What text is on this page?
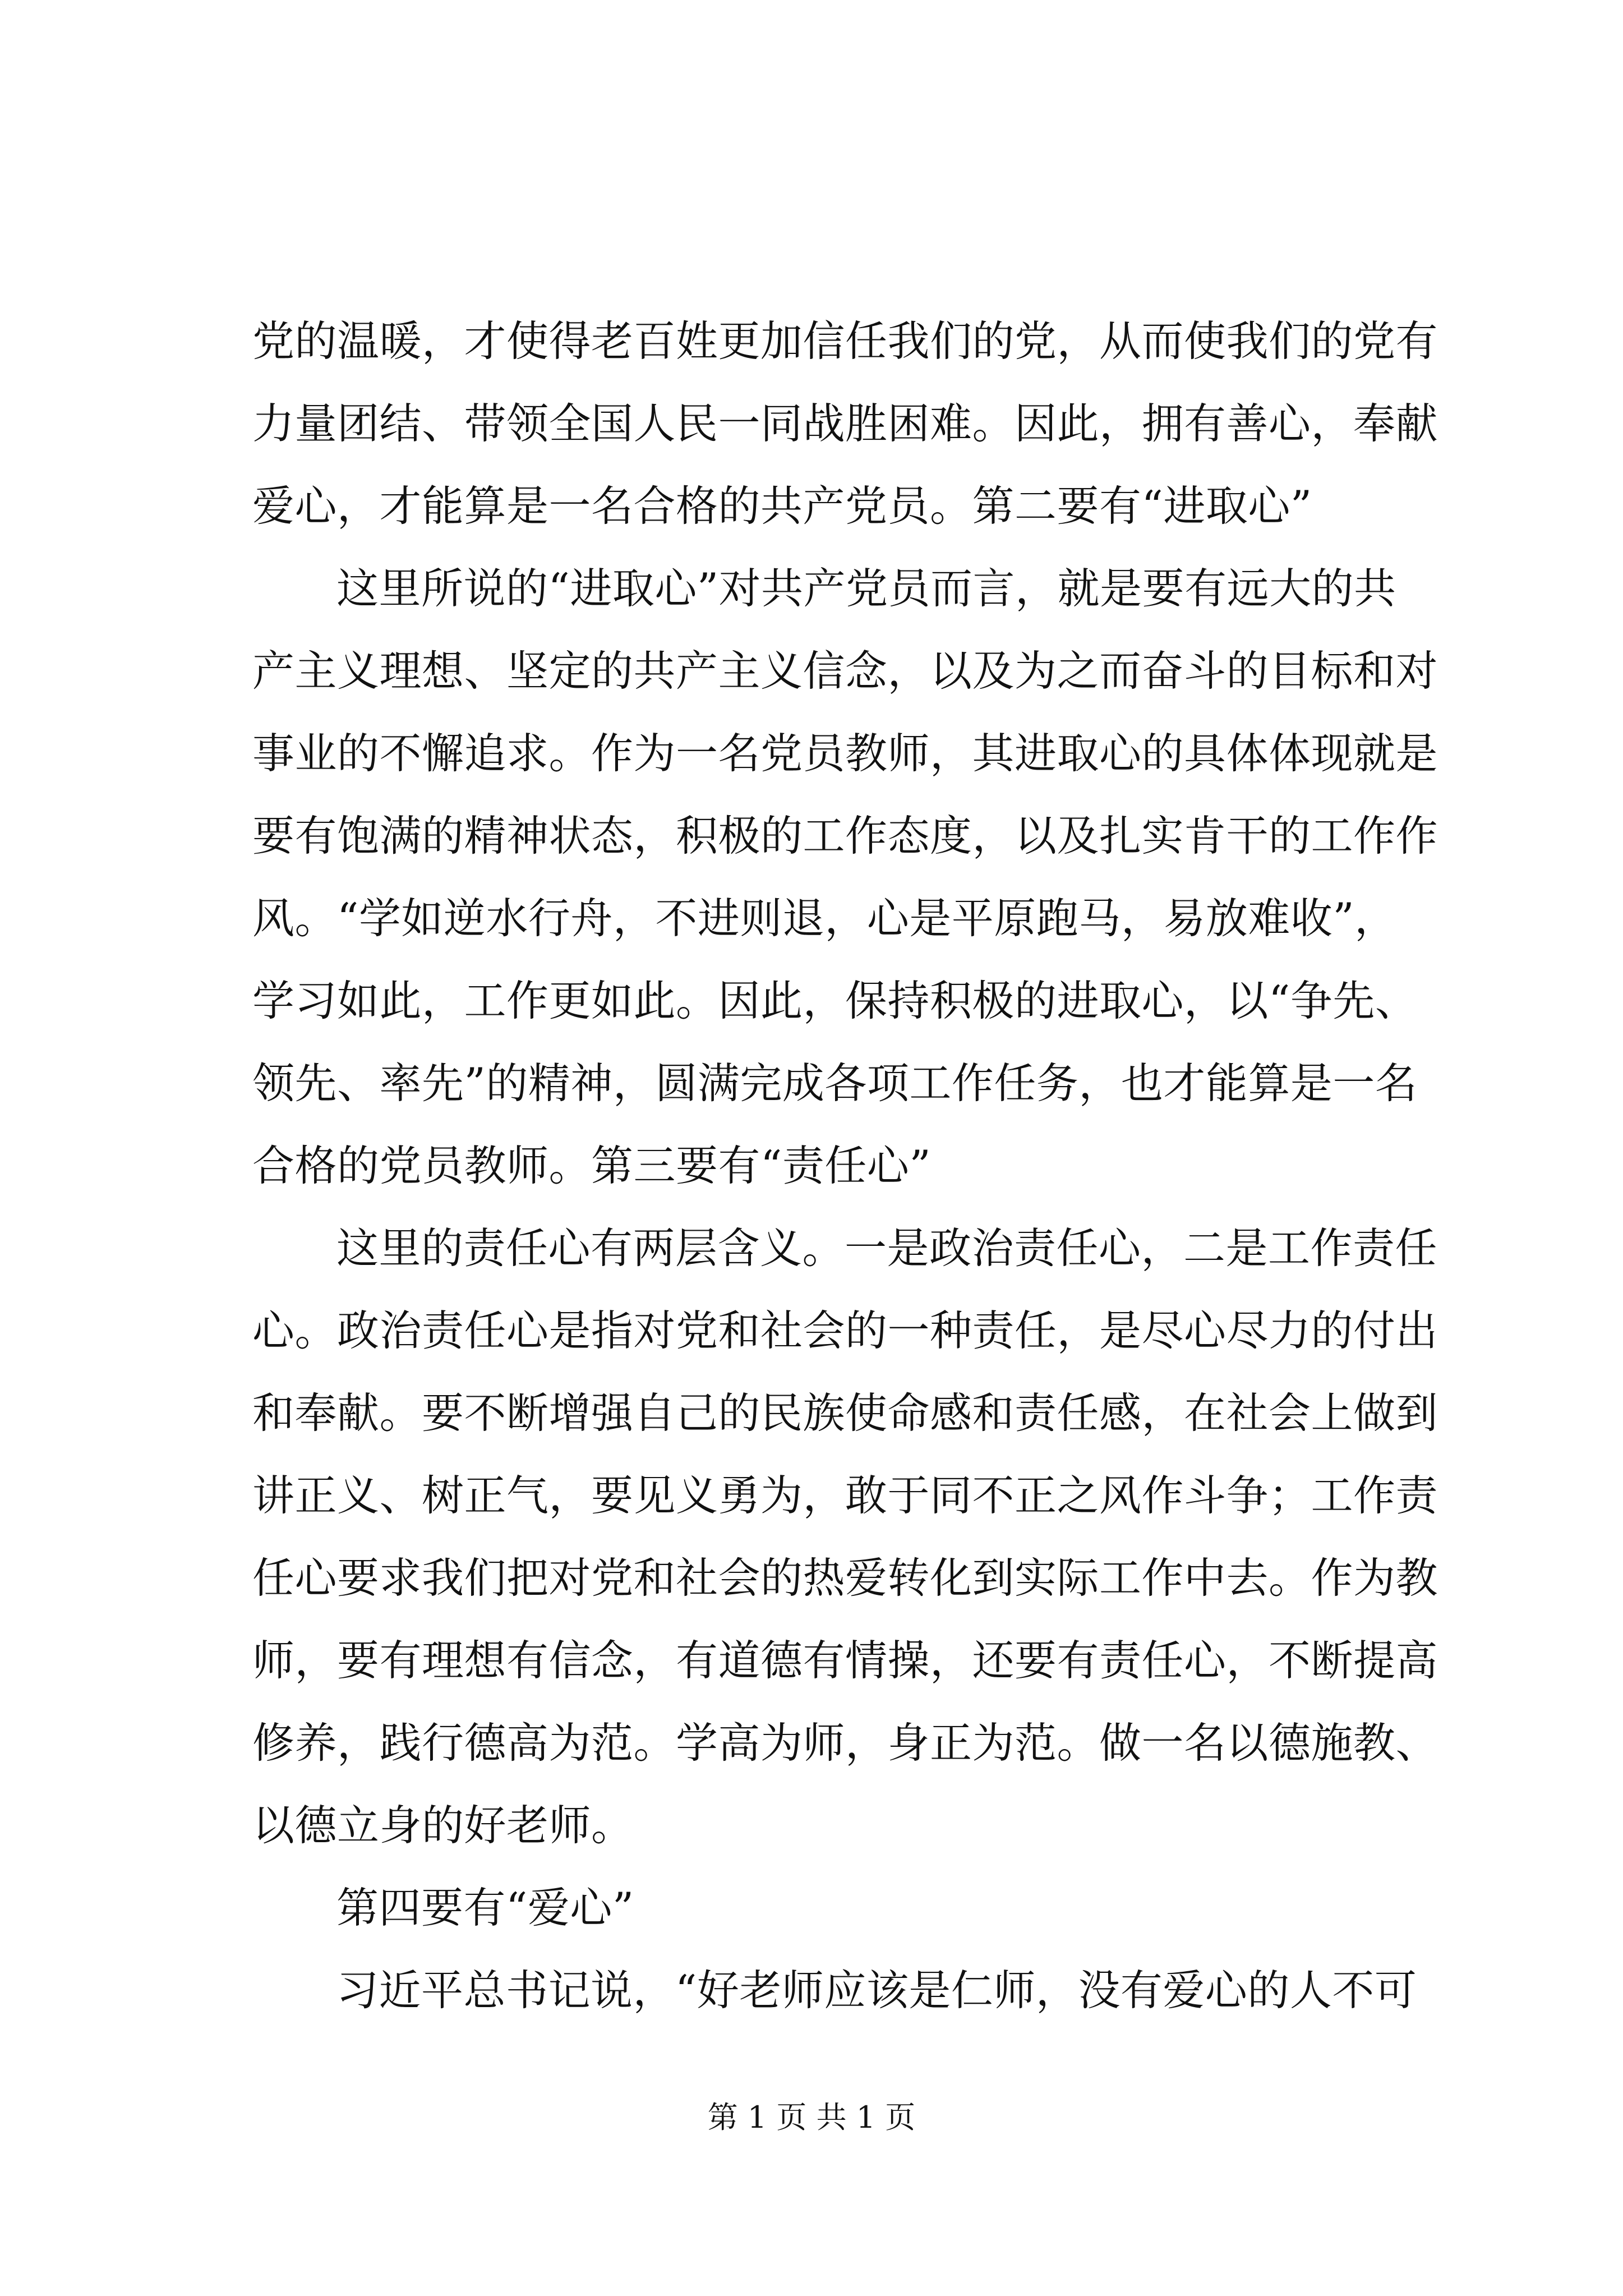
党的温暖，才使得老百姓更加信任我们的党，从而使我们的党有
力量团结、带领全国人民一同战胜困难。因此，拥有善心，奉献
爱心，才能算是一名合格的共产党员。第二要有“进取心”
这里所说的“进取心”对共产党员而言，就是要有远大的共
产主义理想、坚定的共产主义信念，以及为之而奋斗的目标和对
事业的不懈追求。作为一名党员教师，其进取心的具体体现就是
要有饱满的精神状态，积极的工作态度，以及扎实肯干的工作作
风。“学如逆水行舟，不进则退，心是平原跑马，易放难收”，
学习如此，工作更如此。因此，保持积极的进取心，以“争先、
领先、率先”的精神，圆满完成各项工作任务，也才能算是一名
合格的党员教师。第三要有“责任心”
这里的责任心有两层含义。一是政治责任心，二是工作责任
心。政治责任心是指对党和社会的一种责任，是尽心尽力的付出
和奉献。要不断增强自己的民族使命感和责任感，在社会上做到
讲正义、树正气，要见义勇为，敢于同不正之风作斗争；工作责
任心要求我们把对党和社会的热爱转化到实际工作中去。作为教
师，要有理想有信念，有道德有情操，还要有责任心，不断提高
修养，践行德高为范。学高为师，身正为范。做一名以德施教、
以德立身的好老师。
第四要有“爱心”
习近平总书记说，“好老师应该是仁师，没有爱心的人不可
第 1 页 共 1 页
